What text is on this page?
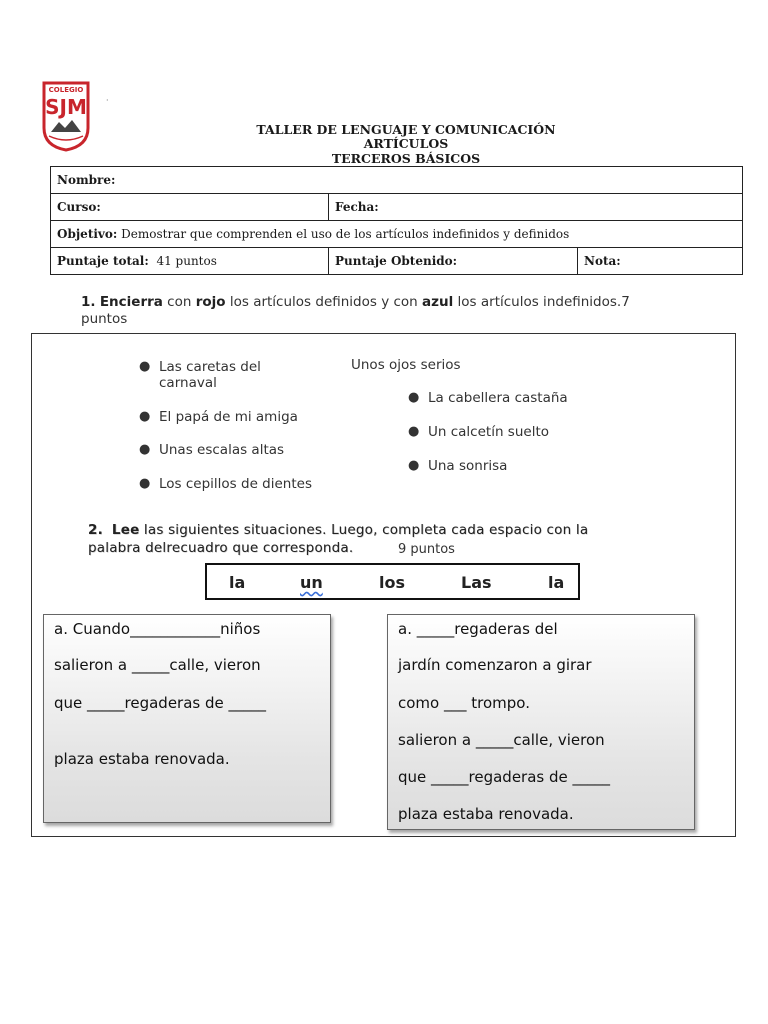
COLEGIO
SJM ·
TALLER DE LENGUAJE Y COMUNICACIÓN
ARTÍCULOS
TERCEROS BÁSICOS
Nombre:		
Curso:	Fecha:	
Objetivo: Demostrar que comprenden el uso de los artículos indefinidos y definidos		
Puntaje total: 41 puntos	Puntaje Obtenido:	Nota:
1. Encierra con rojo los artículos definidos y con azul los artículos indefinidos.7
puntos
● Las caretas del
carnaval
● El papá de mi amiga
● Unas escalas altas
● Los cepillos de dientes
Unos ojos serios
● La cabellera castaña
● Un calcetín suelto
● Una sonrisa
2. Lee las siguientes situaciones. Luego, completa cada espacio con la
palabra delrecuadro que corresponda.	9 puntos
la	un	los	Las	la
a. Cuando____________niños
salieron a _____calle, vieron
que _____regaderas de _____
plaza estaba renovada.
a. _____regaderas del
jardín comenzaron a girar
como ___ trompo.
salieron a _____calle, vieron
que _____regaderas de _____
plaza estaba renovada.
